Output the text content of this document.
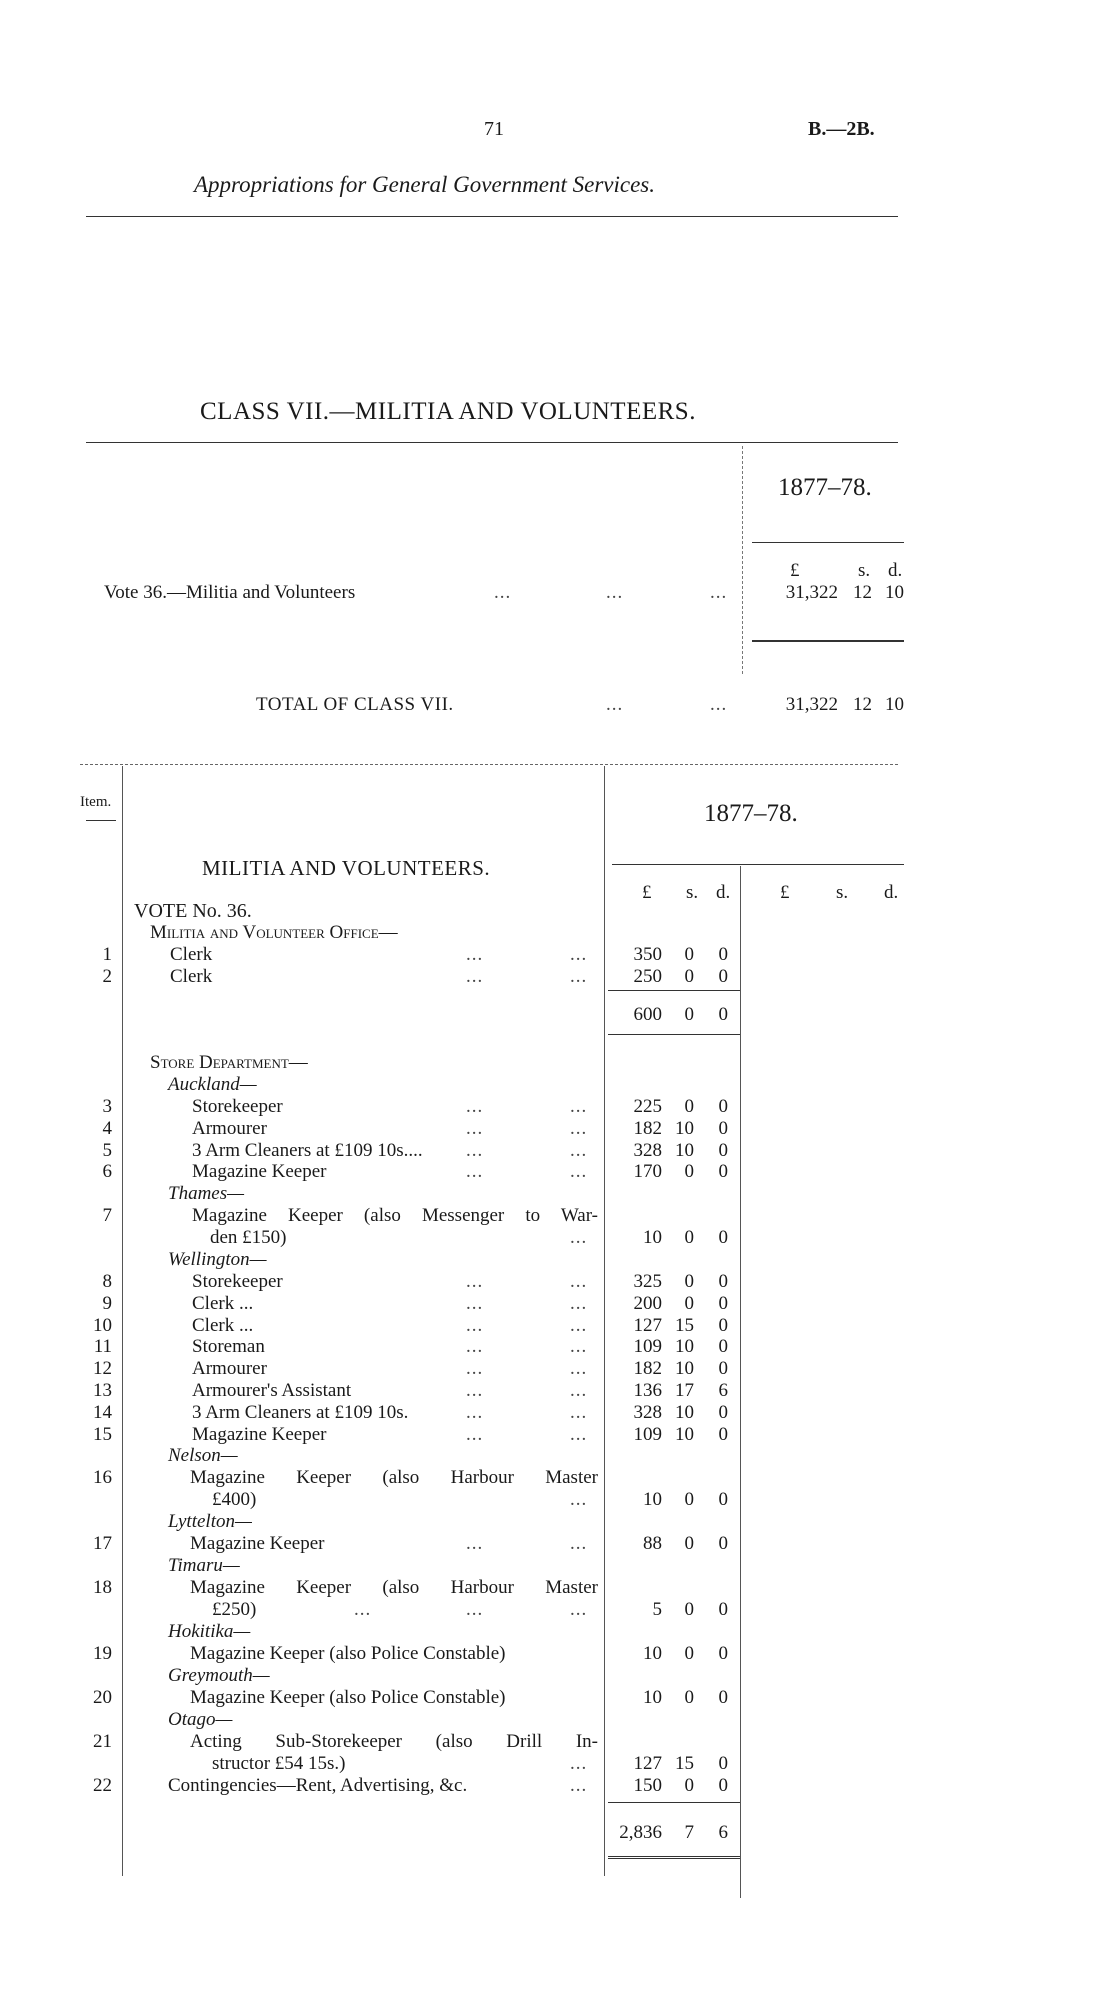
71	B.—2B.
Appropriations for General Government Services.
CLASS VII.—MILITIA AND VOLUNTEERS.
1877–78.
£	s. d.
Vote 36.—Militia and Volunteers	...	...	...	31,322 12 10
TOTAL OF CLASS VII.	...	...	31,322 12 10
Item.	1877–78.
MILITIA AND VOLUNTEERS.
£ s. d.	£ s. d.
VOTE No. 36.
Militia and Volunteer Office—
1	Clerk	...	...	350	0	0
2	Clerk	...	...	250	0	0
600	0	0
Store Department—
Auckland—
3	Storekeeper	...	...	225	0	0
4	Armourer	...	...	182 10	0
5	3 Arm Cleaners at £109 10s.... ...	...	328 10	0
6	Magazine Keeper	...	...	170	0	0
Thames—
7	Magazine Keeper (also Messenger to War-
den £150)	...	10	0	0
Wellington—
8	Storekeeper	...	...	325	0	0
9	Clerk ...	...	...	200	0	0
10	Clerk ...	...	...	127 15	0
11	Storeman	...	...	109 10	0
12	Armourer	...	...	182 10	0
13	Armourer's Assistant	...	...	136 17	6
14	3 Arm Cleaners at £109 10s.	...	...	328 10	0
15	Magazine Keeper	...	...	109 10	0
Nelson—
16	Magazine Keeper (also Harbour Master
£400)	...	10	0	0
Lyttelton—
17	Magazine Keeper	...	...	88	0	0
Timaru—
18	Magazine Keeper (also Harbour Master
£250)	...	5	0	0
...	...
Hokitika—
19	Magazine Keeper (also Police Constable)	10	0	0
Greymouth—
20	Magazine Keeper (also Police Constable)	10	0	0
Otago—
21	Acting Sub-Storekeeper (also Drill In-
structor £54 15s.)	...	127 15	0
22	Contingencies—Rent, Advertising, &c.	...	150	0	0
2,836	7	6
